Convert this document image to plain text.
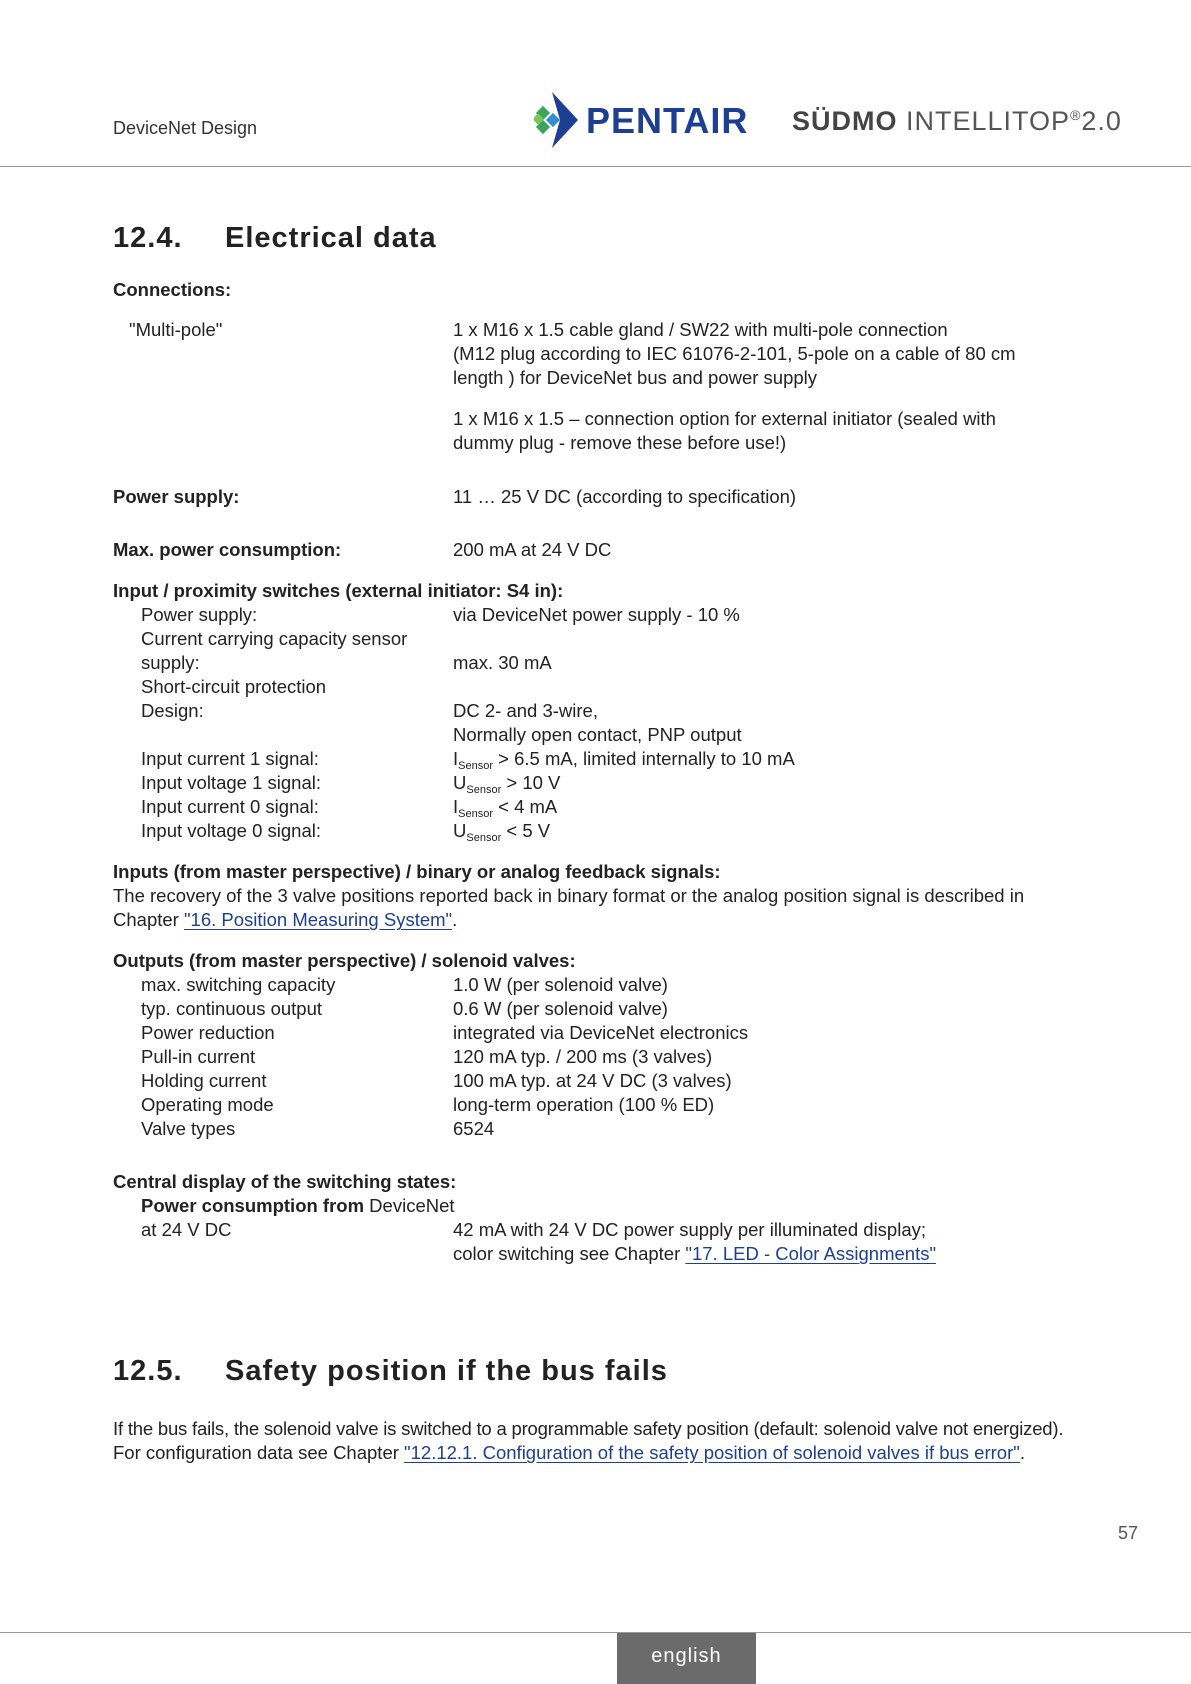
DeviceNet Design	PENTAIR SÜDMO INTELLITOP®2.0
12.4. Electrical data
Connections:
"Multi-pole"	1 x M16 x 1.5 cable gland / SW22 with multi-pole connection
(M12 plug according to IEC 61076-2-101, 5-pole on a cable of 80 cm
length ) for DeviceNet bus and power supply
1 x M16 x 1.5 – connection option for external initiator (sealed with
dummy plug - remove these before use!)
Power supply:	11 … 25 V DC (according to specification)
Max. power consumption:	200 mA at 24 V DC
Input / proximity switches (external initiator: S4 in):
Power supply:	via DeviceNet power supply - 10 %
Current carrying capacity sensor
supply:	max. 30 mA
Short-circuit protection
Design:	DC 2- and 3-wire,
Normally open contact, PNP output
Input current 1 signal:	$I_{Sensor} > 6.5$ mA, limited internally to 10 mA
Input voltage 1 signal:	$U_{Sensor} > 10$ V
Input current 0 signal:	$I_{Sensor} < 4$ mA
Input voltage 0 signal:	$U_{Sensor} < 5$ V
Inputs (from master perspective) / binary or analog feedback signals:
The recovery of the 3 valve positions reported back in binary format or the analog position signal is described in
Chapter "16. Position Measuring System".
Outputs (from master perspective) / solenoid valves:
max. switching capacity	1.0 W (per solenoid valve)
typ. continuous output	0.6 W (per solenoid valve)
Power reduction	integrated via DeviceNet electronics
Pull-in current	120 mA typ. / 200 ms (3 valves)
Holding current	100 mA typ. at 24 V DC (3 valves)
Operating mode	long-term operation (100 % ED)
Valve types	6524
Central display of the switching states:
Power consumption from DeviceNet
at 24 V DC	42 mA with 24 V DC power supply per illuminated display;
color switching see Chapter "17. LED - Color Assignments"
12.5. Safety position if the bus fails
If the bus fails, the solenoid valve is switched to a programmable safety position (default: solenoid valve not energized).
For configuration data see Chapter "12.12.1. Configuration of the safety position of solenoid valves if bus error".
57
english
